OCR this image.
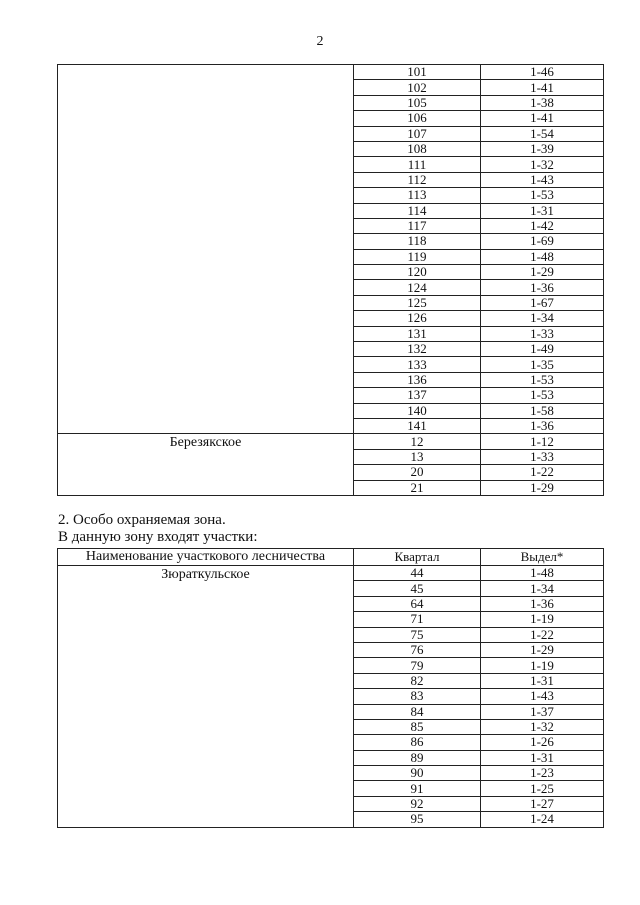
2
	101	1-46
	102	1-41
	105	1-38
	106	1-41
	107	1-54
	108	1-39
	111	1-32
	112	1-43
	113	1-53
	114	1-31
	117	1-42
	118	1-69
	119	1-48
	120	1-29
	124	1-36
	125	1-67
	126	1-34
	131	1-33
	132	1-49
	133	1-35
	136	1-53
	137	1-53
	140	1-58
	141	1-36
Березякское	12	1-12
	13	1-33
	20	1-22
	21	1-29
2. Особо охраняемая зона.
В данную зону входят участки:
Наименование участкового лесничества	Квартал	Выдел*
Зюраткульское	44	1-48
	45	1-34
	64	1-36
	71	1-19
	75	1-22
	76	1-29
	79	1-19
	82	1-31
	83	1-43
	84	1-37
	85	1-32
	86	1-26
	89	1-31
	90	1-23
	91	1-25
	92	1-27
	95	1-24
